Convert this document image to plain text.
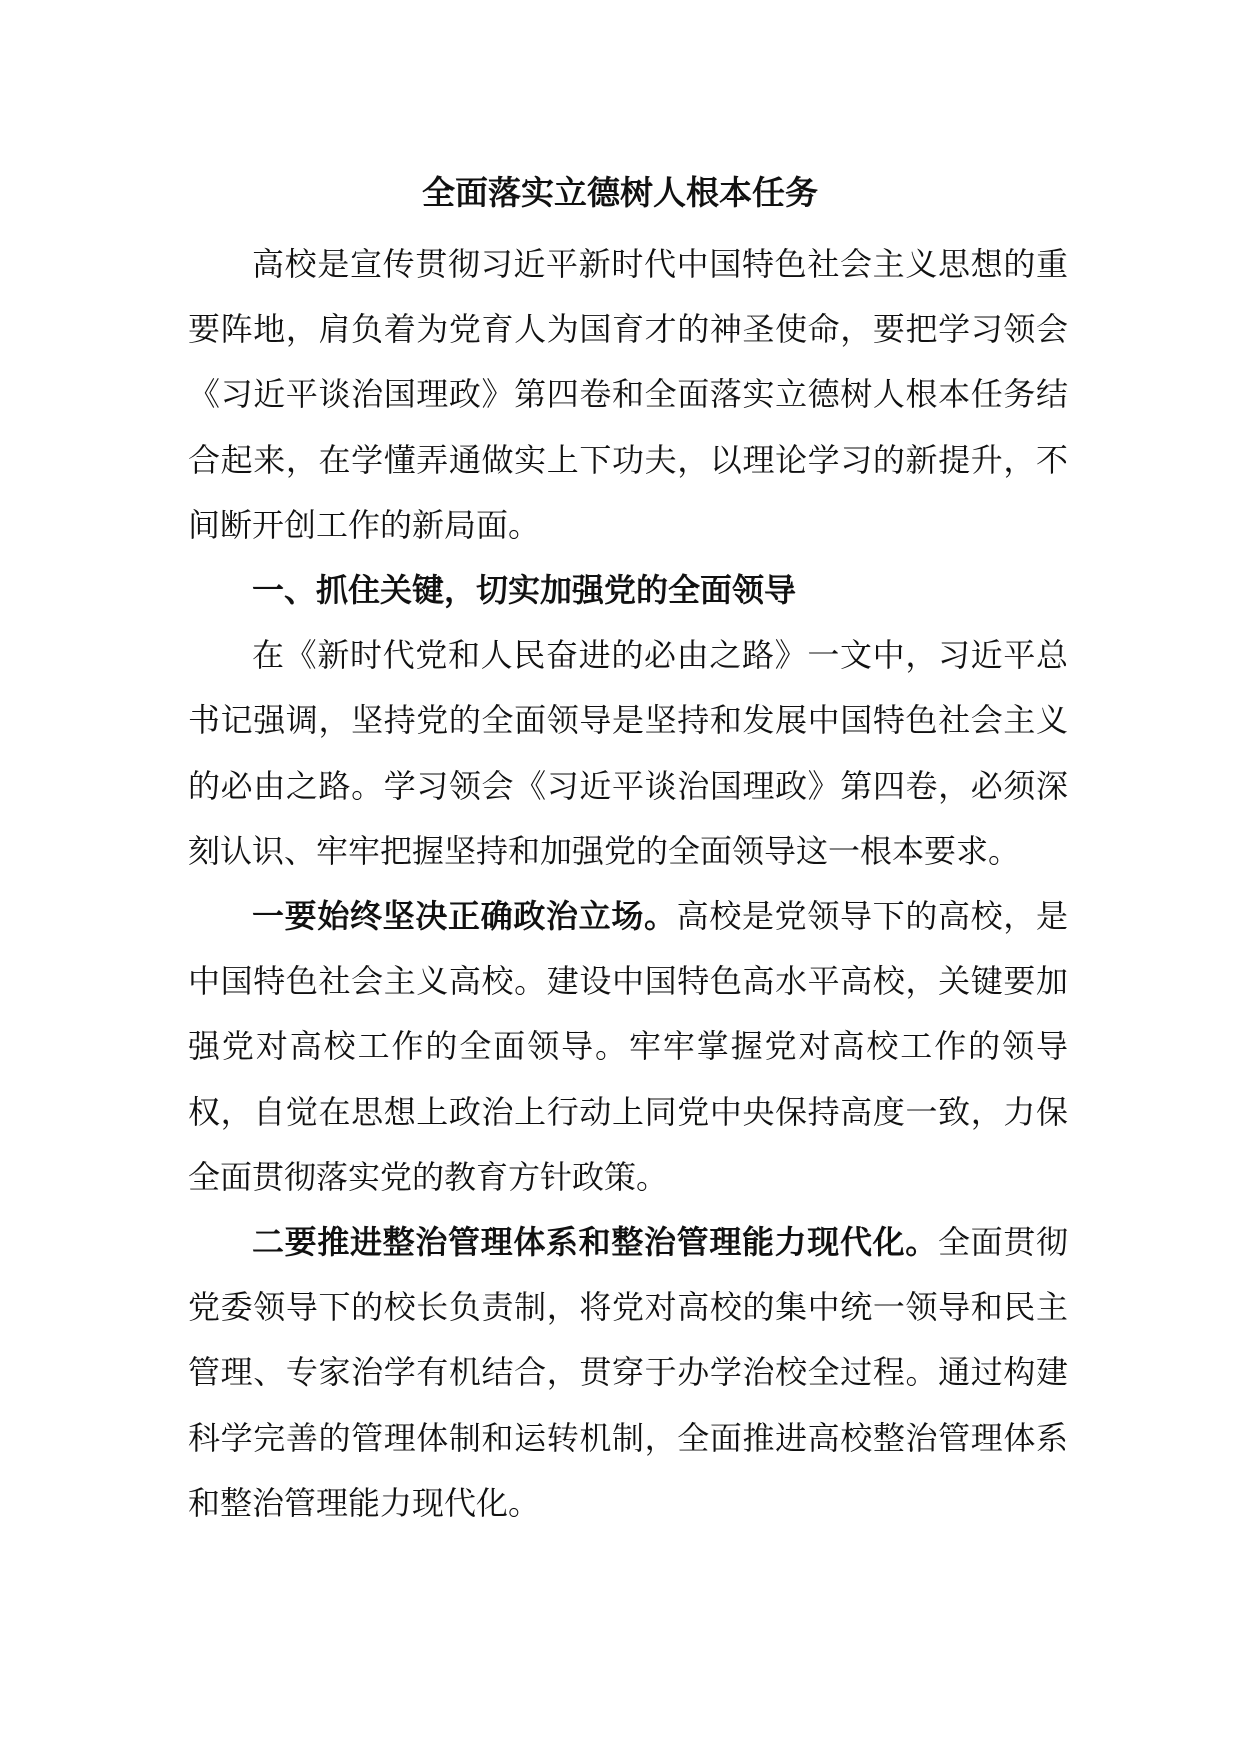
全面落实立德树人根本任务

高校是宣传贯彻习近平新时代中国特色社会主义思想的重要阵地，肩负着为党育人为国育才的神圣使命，要把学习领会《习近平谈治国理政》第四卷和全面落实立德树人根本任务结合起来，在学懂弄通做实上下功夫，以理论学习的新提升，不间断开创工作的新局面。

一、抓住关键，切实加强党的全面领导

在《新时代党和人民奋进的必由之路》一文中，习近平总书记强调，坚持党的全面领导是坚持和发展中国特色社会主义的必由之路。学习领会《习近平谈治国理政》第四卷，必须深刻认识、牢牢把握坚持和加强党的全面领导这一根本要求。

一要始终坚决正确政治立场。高校是党领导下的高校，是中国特色社会主义高校。建设中国特色高水平高校，关键要加强党对高校工作的全面领导。牢牢掌握党对高校工作的领导权，自觉在思想上政治上行动上同党中央保持高度一致，力保全面贯彻落实党的教育方针政策。

二要推进整治管理体系和整治管理能力现代化。全面贯彻党委领导下的校长负责制，将党对高校的集中统一领导和民主管理、专家治学有机结合，贯穿于办学治校全过程。通过构建科学完善的管理体制和运转机制，全面推进高校整治管理体系和整治管理能力现代化。
